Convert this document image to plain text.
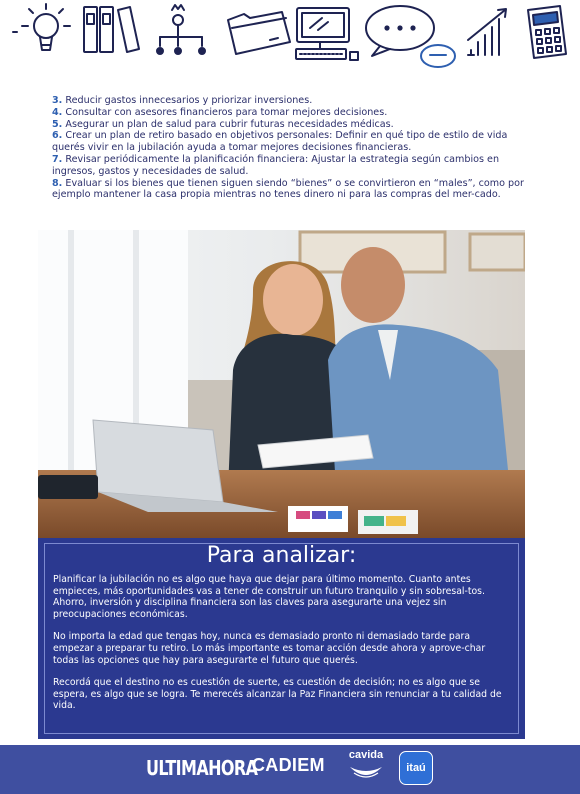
3. Reducir gastos innecesarios y priorizar inversiones.

4. Consultar con asesores financieros para tomar mejores decisiones.

5. Asegurar un plan de salud para cubrir futuras necesidades médicas.

6. Crear un plan de retiro basado en objetivos personales: Definir en qué tipo de estilo de vida querés vivir en la jubilación ayuda a tomar mejores decisiones financieras.

7. Revisar periódicamente la planificación financiera: Ajustar la estrategia según cambios en ingresos, gastos y necesidades de salud.

8. Evaluar si los bienes que tienen siguen siendo “bienes” o se convirtieron en “males”, como por ejemplo mantener la casa propia mientras no tenes dinero ni para las compras del mer-cado.

Para analizar:

Planificar la jubilación no es algo que haya que dejar para último momento. Cuanto antes empieces, más oportunidades vas a tener de construir un futuro tranquilo y sin sobresal-tos. Ahorro, inversión y disciplina financiera son las claves para asegurarte una vejez sin preocupaciones económicas.

No importa la edad que tengas hoy, nunca es demasiado pronto ni demasiado tarde para empezar a preparar tu retiro. Lo más importante es tomar acción desde ahora y aprove-char todas las opciones que hay para asegurarte el futuro que querés.

Recordá que el destino no es cuestión de suerte, es cuestión de decisión; no es algo que se espera, es algo que se logra. Te merecés alcanzar la Paz Financiera sin renunciar a tu calidad de vida.

ULTIMAHORA
CADIEM cavida
itaú
